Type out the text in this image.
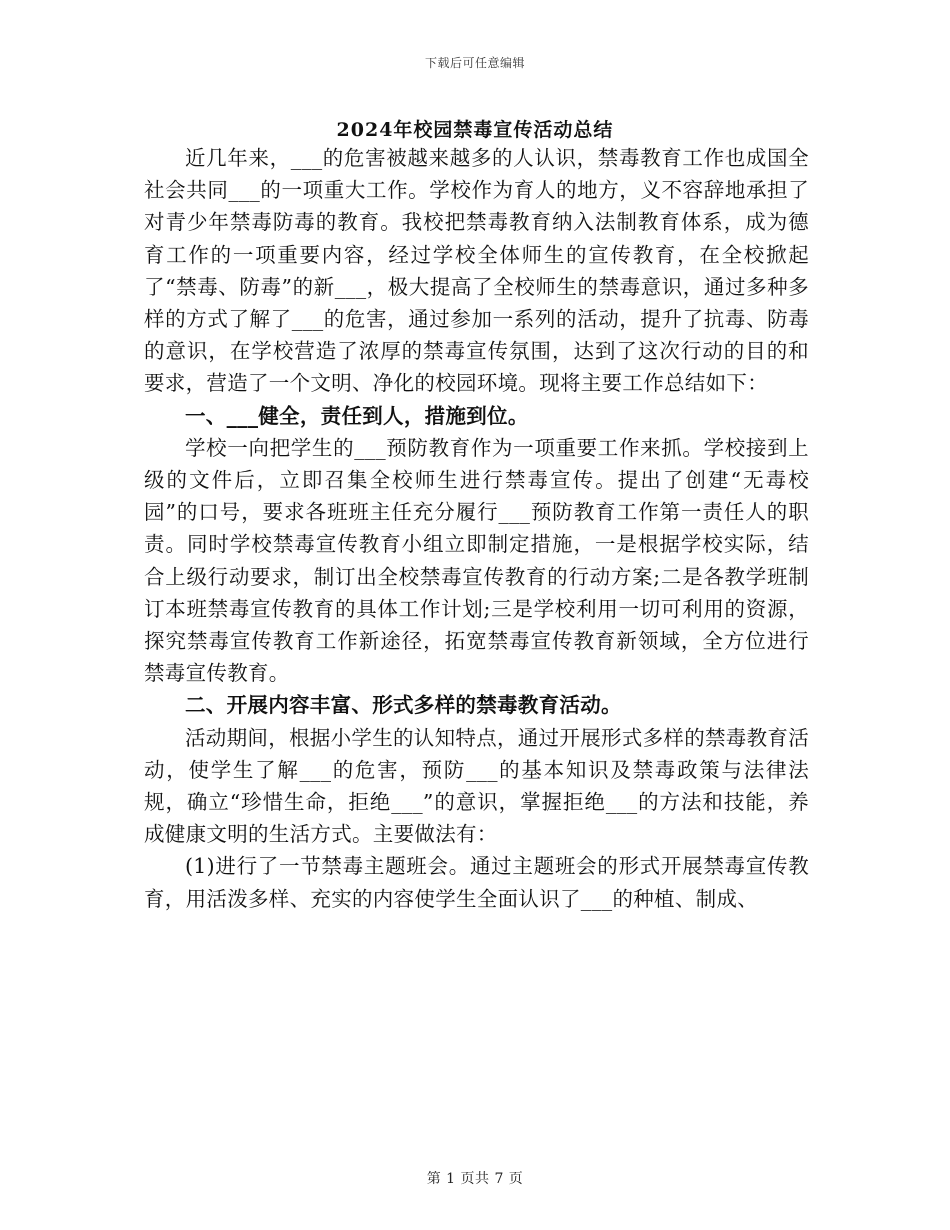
下载后可任意编辑
2024年校园禁毒宣传活动总结

近几年来，___的危害被越来越多的人认识，禁毒教育工作也成国全社会共同___的一项重大工作。学校作为育人的地方，义不容辞地承担了对青少年禁毒防毒的教育。我校把禁毒教育纳入法制教育体系，成为德育工作的一项重要内容，经过学校全体师生的宣传教育，在全校掀起了“禁毒、防毒”的新___，极大提高了全校师生的禁毒意识，通过多种多样的方式了解了___的危害，通过参加一系列的活动，提升了抗毒、防毒的意识，在学校营造了浓厚的禁毒宣传氛围，达到了这次行动的目的和要求，营造了一个文明、净化的校园环境。现将主要工作总结如下：

一、___健全，责任到人，措施到位。

学校一向把学生的___预防教育作为一项重要工作来抓。学校接到上级的文件后，立即召集全校师生进行禁毒宣传。提出了创建“无毒校园”的口号，要求各班班主任充分履行___预防教育工作第一责任人的职责。同时学校禁毒宣传教育小组立即制定措施，一是根据学校实际，结合上级行动要求，制订出全校禁毒宣传教育的行动方案;二是各教学班制订本班禁毒宣传教育的具体工作计划;三是学校利用一切可利用的资源，探究禁毒宣传教育工作新途径，拓宽禁毒宣传教育新领域，全方位进行禁毒宣传教育。

二、开展内容丰富、形式多样的禁毒教育活动。

活动期间，根据小学生的认知特点，通过开展形式多样的禁毒教育活动，使学生了解___的危害，预防___的基本知识及禁毒政策与法律法规，确立“珍惜生命，拒绝___”的意识，掌握拒绝___的方法和技能，养成健康文明的生活方式。主要做法有：

(1)进行了一节禁毒主题班会。通过主题班会的形式开展禁毒宣传教育，用活泼多样、充实的内容使学生全面认识了___的种植、制成、

第 1 页共 7 页
